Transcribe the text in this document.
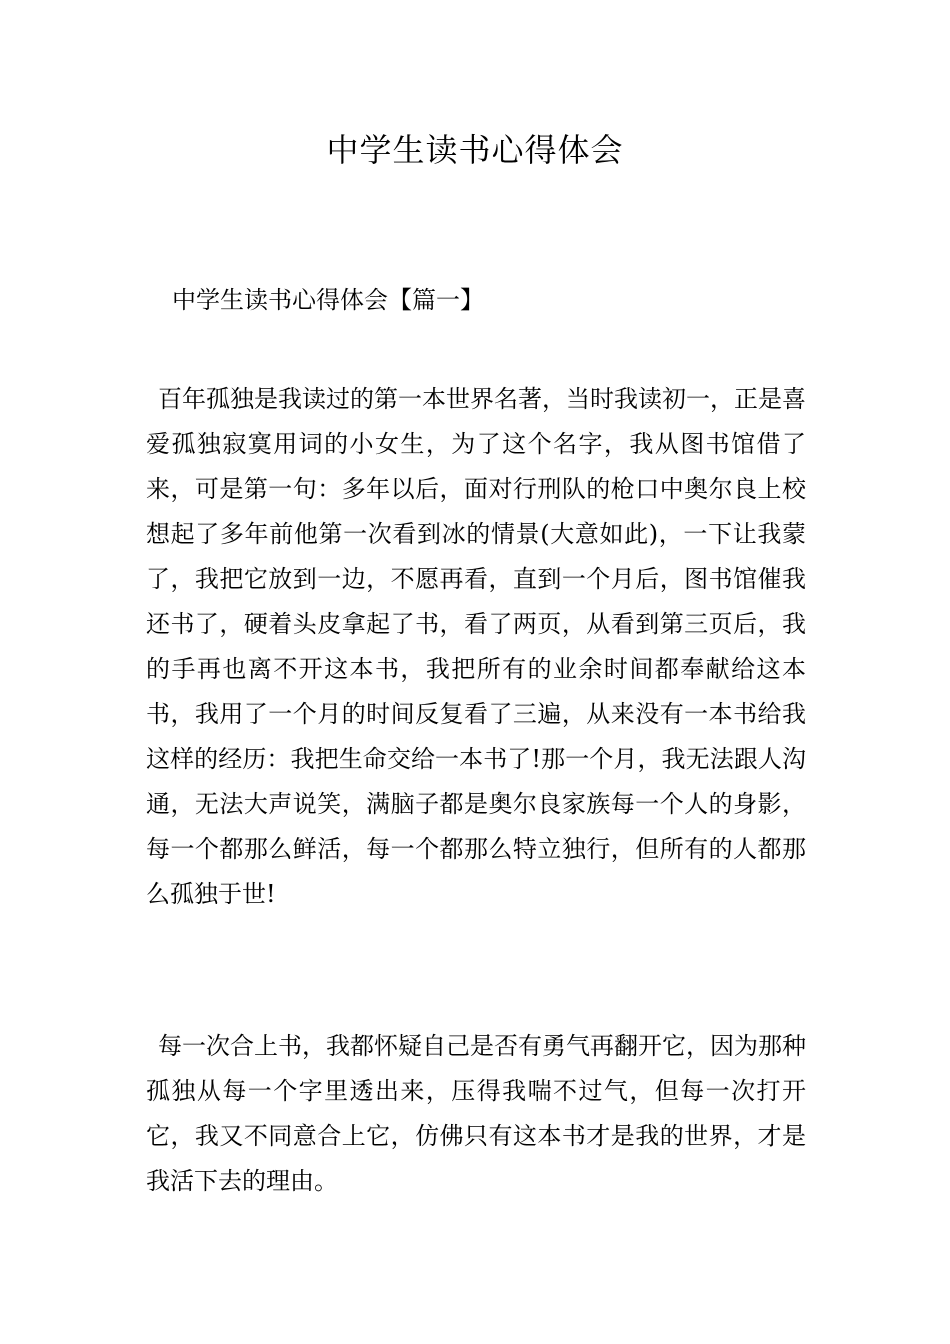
中学生读书心得体会
中学生读书心得体会【篇一】

百年孤独是我读过的第一本世界名著，当时我读初一，正是喜爱孤独寂寞用词的小女生，为了这个名字，我从图书馆借了来，可是第一句：多年以后，面对行刑队的枪口中奥尔良上校想起了多年前他第一次看到冰的情景(大意如此)，一下让我蒙了，我把它放到一边，不愿再看，直到一个月后，图书馆催我还书了，硬着头皮拿起了书，看了两页，从看到第三页后，我的手再也离不开这本书，我把所有的业余时间都奉献给这本书，我用了一个月的时间反复看了三遍，从来没有一本书给我这样的经历：我把生命交给一本书了!那一个月，我无法跟人沟通，无法大声说笑，满脑子都是奥尔良家族每一个人的身影，每一个都那么鲜活，每一个都那么特立独行，但所有的人都那么孤独于世!

每一次合上书，我都怀疑自己是否有勇气再翻开它，因为那种孤独从每一个字里透出来，压得我喘不过气，但每一次打开它，我又不同意合上它，仿佛只有这本书才是我的世界，才是我活下去的理由。
